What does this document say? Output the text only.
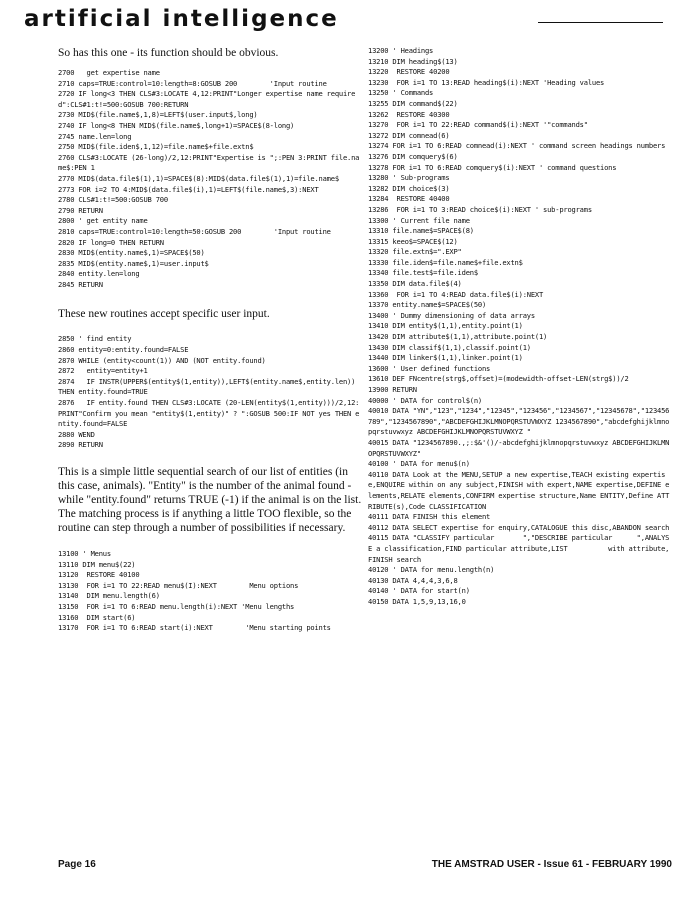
artificial intelligence

So has this one - its function should be obvious.

2700   get expertise name
2710 caps=TRUE:control=10:length=8:GOSUB 200        'Input routine
2720 IF long<3 THEN CLS#3:LOCATE 4,12:PRINT"Longer expertise name required":CLS#1:t!=500:GOSUB 700:RETURN
2730 MID$(file.name$,1,8)=LEFT$(user.input$,long)
2740 IF long<8 THEN MID$(file.name$,long+1)=SPACE$(8-long)
2745 name.len=long
2750 MID$(file.iden$,1,12)=file.name$+file.extn$
2760 CLS#3:LOCATE (26-long)/2,12:PRINT"Expertise is ";:PEN 3:PRINT file.name$:PEN 1
2770 MID$(data.file$(1),1)=SPACE$(8):MID$(data.file$(1),1)=file.name$
2773 FOR i=2 TO 4:MID$(data.file$(i),1)=LEFT$(file.name$,3):NEXT
2780 CLS#1:t!=500:GOSUB 700
2790 RETURN
2800 ' get entity name
2810 caps=TRUE:control=10:length=50:GOSUB 200        'Input routine
2820 IF long=0 THEN RETURN
2830 MID$(entity.name$,1)=SPACE$(50)
2835 MID$(entity.name$,1)=user.input$
2840 entity.len=long
2845 RETURN

These new routines accept specific user input.

2850 ' find entity
2860 entity=0:entity.found=FALSE
2870 WHILE (entity<count(1)) AND (NOT entity.found)
2872   entity=entity+1
2874   IF INSTR(UPPER$(entity$(1,entity)),LEFT$(entity.name$,entity.len)) THEN entity.found=TRUE
2876   IF entity.found THEN CLS#3:LOCATE (20-LEN(entity$(1,entity)))/2,12:PRINT"Confirm you mean "entity$(1,entity)" ? ":GOSUB 500:IF NOT yes THEN entity.found=FALSE
2880 WEND
2890 RETURN

This is a simple little sequential search of our list of entities (in this case, animals). "Entity" is the number of the animal found - while "entity.found" returns TRUE (-1) if the animal is on the list. The matching process is if anything a little TOO flexible, so the routine can step through a number of possibilities if necessary.

13100 ' Menus
13110 DIM menu$(22)
13120  RESTORE 40100
13130  FOR i=1 TO 22:READ menu$(I):NEXT        Menu options
13140  DIM menu.length(6)
13150  FOR i=1 TO 6:READ menu.length(i):NEXT 'Menu lengths
13160  DIM start(6)
13170  FOR i=1 TO 6:READ start(i):NEXT        'Menu starting points
13200 ' Headings
13210 DIM heading$(13)
13220  RESTORE 40200
13230  FOR i=1 TO 13:READ heading$(i):NEXT 'Heading values
13250 ' Commands
13255 DIM command$(22)
13262  RESTORE 40300
13270  FOR i=1 TO 22:READ command$(i):NEXT '"commands"
13272 DIM comnead(6)
13274 FOR i=1 TO 6:READ comnead(i):NEXT ' command screen headings numbers
13276 DIM comquery$(6)
13278 FOR i=1 TO 6:READ comquery$(i):NEXT ' command questions
13280 ' Sub-programs
13282 DIM choice$(3)
13284  RESTORE 40400
13286  FOR i=1 TO 3:READ choice$(i):NEXT ' sub-programs
13300 ' Current file name
13310 file.name$=SPACE$(8)
13315 keeo$=SPACE$(12)
13320 file.extn$=".EXP"
13330 file.iden$=file.name$+file.extn$
13340 file.test$=file.iden$
13350 DIM data.file$(4)
13360  FOR i=1 TO 4:READ data.file$(i):NEXT
13370 entity.name$=SPACE$(50)
13400 ' Dummy dimensioning of data arrays
13410 DIM entity$(1,1),entity.point(1)
13420 DIM attribute$(1,1),attribute.point(1)
13430 DIM classif$(1,1),classif.point(1)
13440 DIM linker$(1,1),linker.point(1)
13600 ' User defined functions
13610 DEF FNcentre(strg$,offset)=(modewidth-offset-LEN(strg$))/2
13900 RETURN
40000 ' DATA for control$(n)
40010 DATA "YN","123","1234","12345","123456","1234567","12345678","123456789","1234567890","ABCDEFGHIJKLMNOPQRSTUVWXYZ 1234567890","abcdefghijklmnopqrstuvwxyz ABCDEFGHIJKLMNOPQRSTUVWXYZ "
40015 DATA "1234567890.,;:$&'()/-abcdefghijklmnopqrstuvwxyz ABCDEFGHIJKLMNOPQRSTUVWXYZ"
40100 ' DATA for menu$(n)
40110 DATA Look at the MENU,SETUP a new expertise,TEACH existing expertise,ENQUIRE within on any subject,FINISH with expert,NAME expertise,DEFINE elements,RELATE elements,CONFIRM expertise structure,Name ENTITY,Define ATTRIBUTE(s),Code CLASSIFICATION
40111 DATA FINISH this element
40112 DATA SELECT expertise for enquiry,CATALOGUE this disc,ABANDON search
40115 DATA "CLASSIFY particular       ","DESCRIBE particular      ",ANALYSE a classification,FIND particular attribute,LIST          with attribute,FINISH search
40120 ' DATA for menu.length(n)
40130 DATA 4,4,4,3,6,8
40140 ' DATA for start(n)
40150 DATA 1,5,9,13,16,0
Page 16	THE AMSTRAD USER - Issue 61 - FEBRUARY 1990
